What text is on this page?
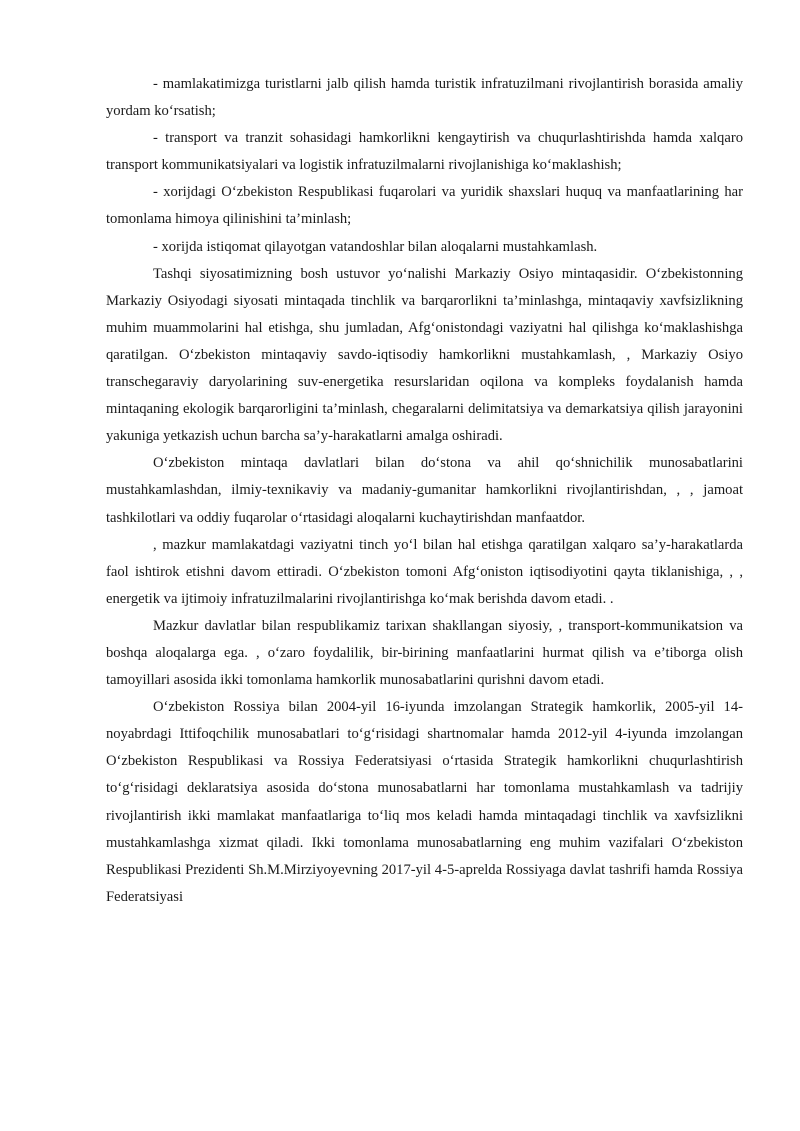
- mamlakatimizga turistlarni jalb qilish hamda turistik infratuzilmani rivojlantirish borasida amaliy yordam ko‘rsatish;

- transport va tranzit sohasidagi hamkorlikni kengaytirish va chuqurlashtirishda hamda xalqaro transport kommunikatsiyalari va logistik infratuzilmalarni rivojlanishiga ko‘maklashish;

- xorijdagi O‘zbekiston Respublikasi fuqarolari va yuridik shaxslari huquq va manfaatlarining har tomonlama himoya qilinishini ta’minlash;

- xorijda istiqomat qilayotgan vatandoshlar bilan aloqalarni mustahkamlash.

Tashqi siyosatimizning bosh ustuvor yo‘nalishi Markaziy Osiyo mintaqasidir. O‘zbekistonning Markaziy Osiyodagi siyosati mintaqada tinchlik va barqarorlikni ta’minlashga, mintaqaviy xavfsizlikning muhim muammolarini hal etishga, shu jumladan, Afg‘onistondagi vaziyatni hal qilishga ko‘maklashishga qaratilgan. O‘zbekiston mintaqaviy savdo-iqtisodiy hamkorlikni mustahkamlash, , Markaziy Osiyo transchegaraviy daryolarining suv-energetika resurslaridan oqilona va kompleks foydalanish hamda mintaqaning ekologik barqarorligini ta’minlash, chegaralarni delimitatsiya va demarkatsiya qilish jarayonini yakuniga yetkazish uchun barcha sa’y-harakatlarni amalga oshiradi.

O‘zbekiston mintaqa davlatlari bilan do‘stona va ahil qo‘shnichilik munosabatlarini mustahkamlashdan, ilmiy-texnikaviy va madaniy-gumanitar hamkorlikni rivojlantirishdan, , , jamoat tashkilotlari va oddiy fuqarolar o‘rtasidagi aloqalarni kuchaytirishdan manfaatdor.

, mazkur mamlakatdagi vaziyatni tinch yo‘l bilan hal etishga qaratilgan xalqaro sa’y-harakatlarda faol ishtirok etishni davom ettiradi. O‘zbekiston tomoni Afg‘oniston iqtisodiyotini qayta tiklanishiga, , , energetik va ijtimoiy infratuzilmalarini rivojlantirishga ko‘mak berishda davom etadi. .

Mazkur davlatlar bilan respublikamiz tarixan shakllangan siyosiy, , transport-kommunikatsion va boshqa aloqalarga ega. , o‘zaro foydalilik, bir-birining manfaatlarini hurmat qilish va e’tiborga olish tamoyillari asosida ikki tomonlama hamkorlik munosabatlarini qurishni davom etadi.

O‘zbekiston Rossiya bilan 2004-yil 16-iyunda imzolangan Strategik hamkorlik, 2005-yil 14-noyabrdagi Ittifoqchilik munosabatlari to‘g‘risidagi shartnomalar hamda 2012-yil 4-iyunda imzolangan O‘zbekiston Respublikasi va Rossiya Federatsiyasi o‘rtasida Strategik hamkorlikni chuqurlashtirish to‘g‘risidagi deklaratsiya asosida do‘stona munosabatlarni har tomonlama mustahkamlash va tadrijiy rivojlantirish ikki mamlakat manfaatlariga to‘liq mos keladi hamda mintaqadagi tinchlik va xavfsizlikni mustahkamlashga xizmat qiladi. Ikki tomonlama munosabatlarning eng muhim vazifalari O‘zbekiston Respublikasi Prezidenti Sh.M.Mirziyoyevning 2017-yil 4-5-aprelda Rossiyaga davlat tashrifi hamda Rossiya Federatsiyasi
